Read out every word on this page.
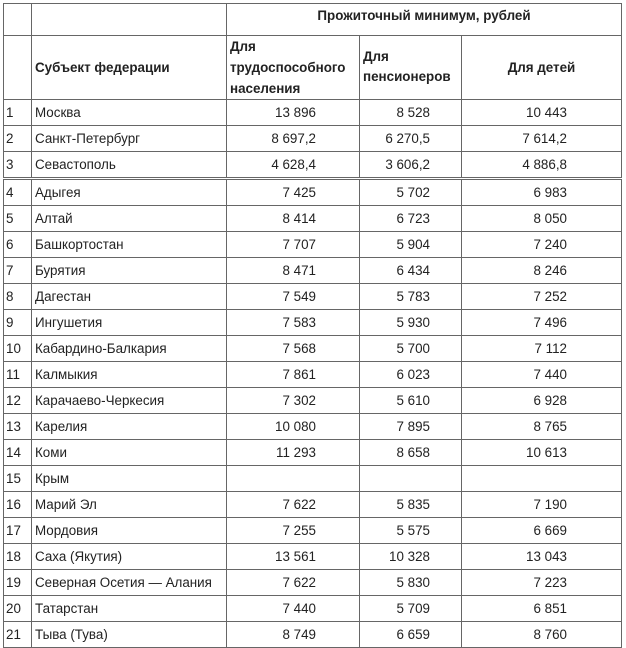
		Прожиточный минимум, рублей		
	Субъект федерации	Для трудоспособного населения	Для пенсионеров	Для детей
1	Москва	13 896	8 528	10 443
2	Санкт-Петербург	8 697,2	6 270,5	7 614,2
3	Севастополь	4 628,4	3 606,2	4 886,8
4	Адыгея	7 425	5 702	6 983
5	Алтай	8 414	6 723	8 050
6	Башкортостан	7 707	5 904	7 240
7	Бурятия	8 471	6 434	8 246
8	Дагестан	7 549	5 783	7 252
9	Ингушетия	7 583	5 930	7 496
10	Кабардино-Балкария	7 568	5 700	7 112
11	Калмыкия	7 861	6 023	7 440
12	Карачаево-Черкесия	7 302	5 610	6 928
13	Карелия	10 080	7 895	8 765
14	Коми	11 293	8 658	10 613
15	Крым			
16	Марий Эл	7 622	5 835	7 190
17	Мордовия	7 255	5 575	6 669
18	Саха (Якутия)	13 561	10 328	13 043
19	Северная Осетия — Алания	7 622	5 830	7 223
20	Татарстан	7 440	5 709	6 851
21	Тыва (Тува)	8 749	6 659	8 760
